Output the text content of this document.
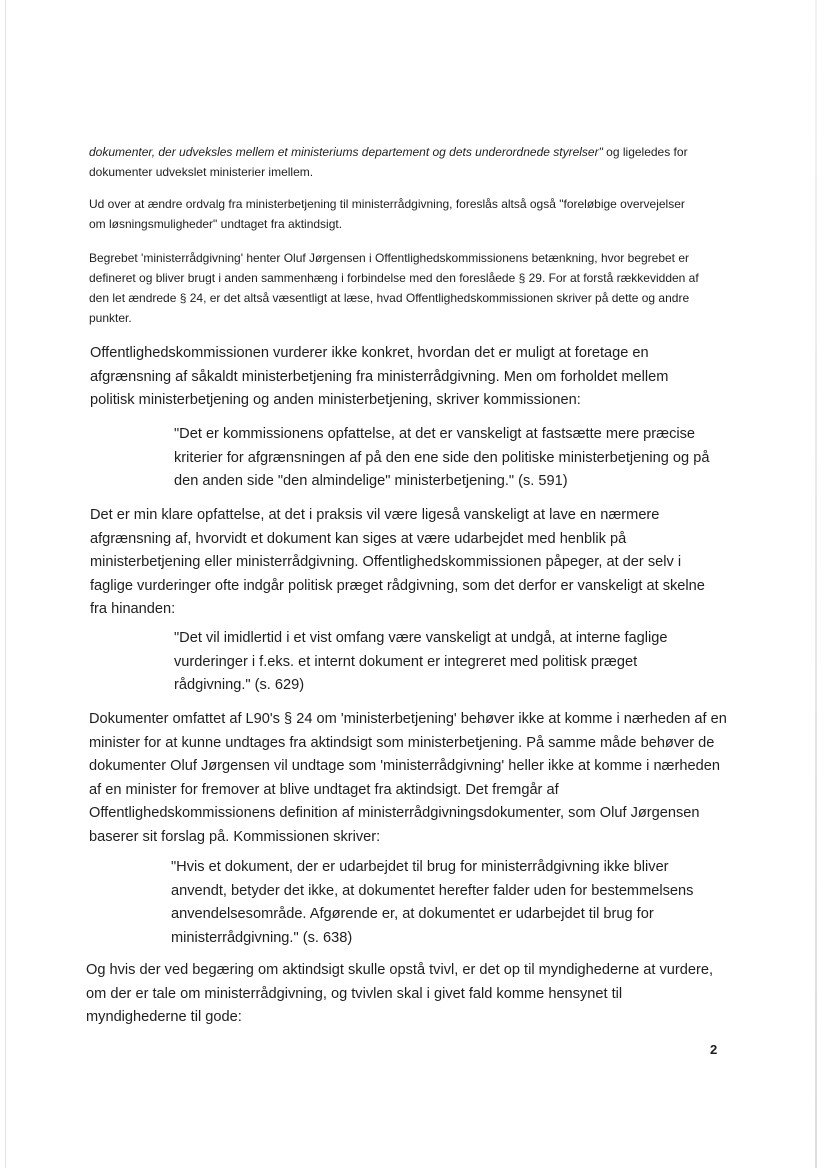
dokumenter, der udveksles mellem et ministeriums departement og dets underordnede styrelser" og ligeledes for dokumenter udvekslet ministerier imellem.

Ud over at ændre ordvalg fra ministerbetjening til ministerrådgivning, foreslås altså også "foreløbige overvejelser om løsningsmuligheder" undtaget fra aktindsigt.

Begrebet 'ministerrådgivning' henter Oluf Jørgensen i Offentlighedskommissionens betænkning, hvor begrebet er defineret og bliver brugt i anden sammenhæng i forbindelse med den foreslåede § 29. For at forstå rækkevidden af den let ændrede § 24, er det altså væsentligt at læse, hvad Offentlighedskommissionen skriver på dette og andre punkter.

Offentlighedskommissionen vurderer ikke konkret, hvordan det er muligt at foretage en afgrænsning af såkaldt ministerbetjening fra ministerrådgivning. Men om forholdet mellem politisk ministerbetjening og anden ministerbetjening, skriver kommissionen:

"Det er kommissionens opfattelse, at det er vanskeligt at fastsætte mere præcise kriterier for afgrænsningen af på den ene side den politiske ministerbetjening og på den anden side "den almindelige" ministerbetjening." (s. 591)

Det er min klare opfattelse, at det i praksis vil være ligeså vanskeligt at lave en nærmere afgrænsning af, hvorvidt et dokument kan siges at være udarbejdet med henblik på ministerbetjening eller ministerrådgivning. Offentlighedskommissionen påpeger, at der selv i faglige vurderinger ofte indgår politisk præget rådgivning, som det derfor er vanskeligt at skelne fra hinanden:

"Det vil imidlertid i et vist omfang være vanskeligt at undgå, at interne faglige vurderinger i f.eks. et internt dokument er integreret med politisk præget rådgivning." (s. 629)

Dokumenter omfattet af L90's § 24 om 'ministerbetjening' behøver ikke at komme i nærheden af en minister for at kunne undtages fra aktindsigt som ministerbetjening. På samme måde behøver de dokumenter Oluf Jørgensen vil undtage som 'ministerrådgivning' heller ikke at komme i nærheden af en minister for fremover at blive undtaget fra aktindsigt. Det fremgår af Offentlighedskommissionens definition af ministerrådgivningsdokumenter, som Oluf Jørgensen baserer sit forslag på. Kommissionen skriver:

"Hvis et dokument, der er udarbejdet til brug for ministerrådgivning ikke bliver anvendt, betyder det ikke, at dokumentet herefter falder uden for bestemmelsens anvendelsesområde. Afgørende er, at dokumentet er udarbejdet til brug for ministerrådgivning." (s. 638)

Og hvis der ved begæring om aktindsigt skulle opstå tvivl, er det op til myndighederne at vurdere, om der er tale om ministerrådgivning, og tvivlen skal i givet fald komme hensynet til myndighederne til gode:

2
